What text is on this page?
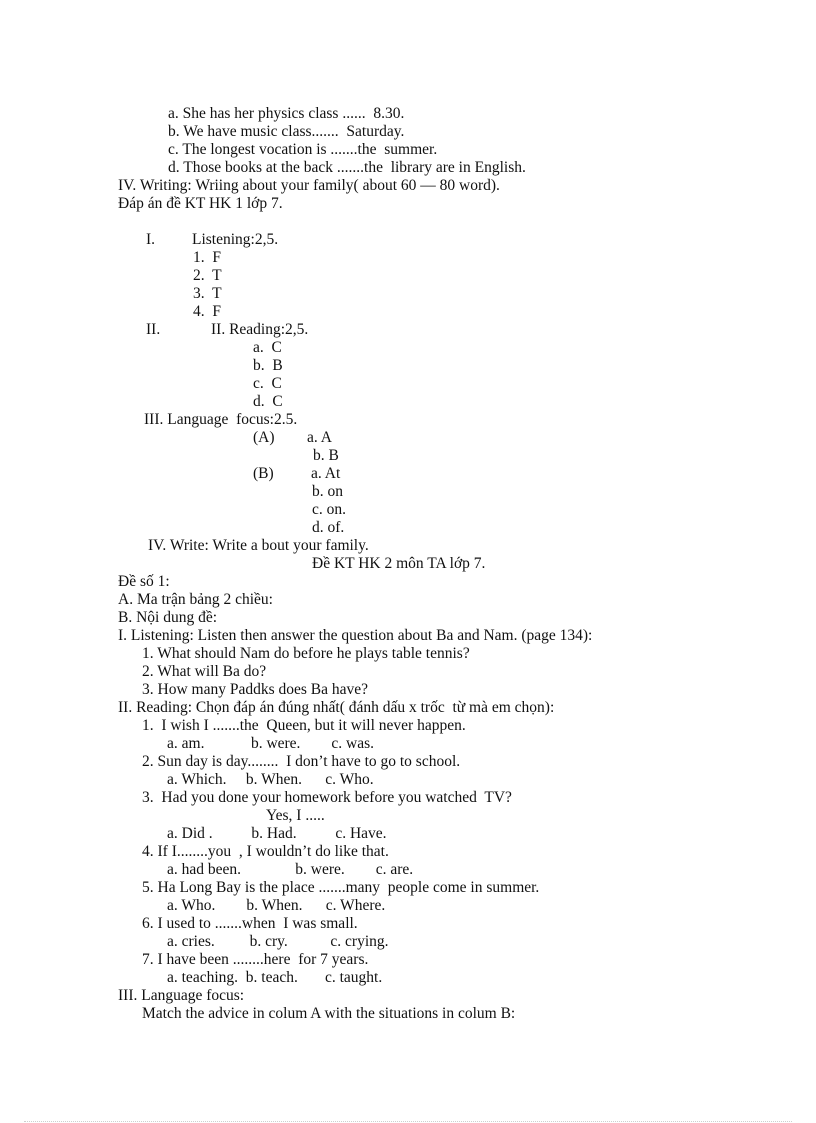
a. She has her physics class ......  8.30.
b. We have music class.......  Saturday.
c. The longest vocation is .......the  summer.
d. Those books at the back .......the  library are in English.
IV. Writing: Wriing about your family( about 60 — 80 word).
Đáp án đề KT HK 1 lớp 7.
I. Listening:2,5.
1.  F
2.  T
3.  T
4.  F
II.	II. Reading:2,5.
a.  C
b.  B
c.  C
d.  C
III. Language  focus:2.5.
(A) a. A
b. B
(B) a. At
b. on
c. on.
d. of.
IV. Write: Write a bout your family.
Đề KT HK 2 môn TA lớp 7.
Đề số 1:
A. Ma trận bảng 2 chiều:
B. Nội dung đề:
I. Listening: Listen then answer the question about Ba and Nam. (page 134):
1. What should Nam do before he plays table tennis?
2. What will Ba do?
3. How many Paddks does Ba have?
II. Reading: Chọn đáp án đúng nhất( đánh dấu x trốc  từ mà em chọn):
1.  I wish I .......the  Queen, but it will never happen.
a. am.            b. were.        c. was.
2. Sun day is day........  I don’t have to go to school.
a. Which.     b. When.      c. Who.
3.  Had you done your homework before you watched  TV?
Yes, I .....
a. Did .          b. Had.          c. Have.
4. If I........you  , I wouldn’t do like that.
a. had been.              b. were.        c. are.
5. Ha Long Bay is the place .......many  people come in summer.
a. Who.        b. When.      c. Where.
6. I used to .......when  I was small.
a. cries.         b. cry.           c. crying.
7. I have been ........here  for 7 years.
a. teaching.  b. teach.       c. taught.
III. Language focus:
Match the advice in colum A with the situations in colum B:
